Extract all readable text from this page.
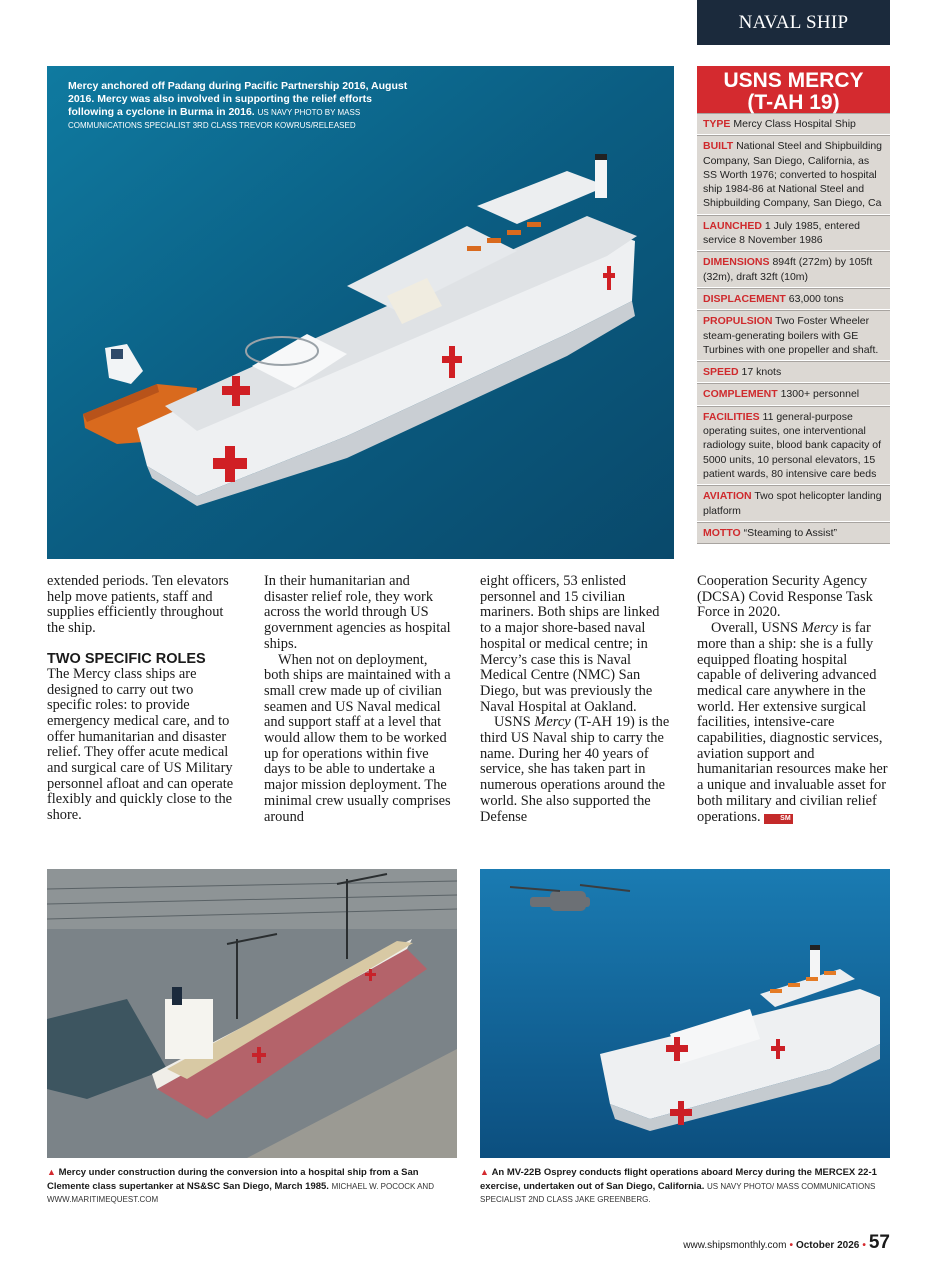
NAVAL SHIP
Mercy anchored off Padang during Pacific Partnership 2016, August 2016. Mercy was also involved in supporting the relief efforts following a cyclone in Burma in 2016. US NAVY PHOTO BY MASS COMMUNICATIONS SPECIALIST 3RD CLASS TREVOR KOWRUS/RELEASED
USNS MERCY
(T-AH 19)
TYPE Mercy Class Hospital Ship
BUILT National Steel and Shipbuilding Company, San Diego, California, as SS Worth 1976; converted to hospital ship 1984-86 at National Steel and Shipbuilding Company, San Diego, Ca
LAUNCHED 1 July 1985, entered service 8 November 1986
DIMENSIONS 894ft (272m) by 105ft (32m), draft 32ft (10m)
DISPLACEMENT 63,000 tons
PROPULSION Two Foster Wheeler steam-generating boilers with GE Turbines with one propeller and shaft.
SPEED 17 knots
COMPLEMENT 1300+ personnel
FACILITIES 11 general-purpose operating suites, one interventional radiology suite, blood bank capacity of 5000 units, 10 personal elevators, 15 patient wards, 80 intensive care beds
AVIATION Two spot helicopter landing platform
MOTTO “Steaming to Assist”

extended periods. Ten elevators help move patients, staff and supplies efficiently throughout the ship.

TWO SPECIFIC ROLES

The Mercy class ships are designed to carry out two specific roles: to provide emergency medical care, and to offer humanitarian and disaster relief. They offer acute medical and surgical care of US Military personnel afloat and can operate flexibly and quickly close to the shore.

In their humanitarian and disaster relief role, they work across the world through US government agencies as hospital ships.

When not on deployment, both ships are maintained with a small crew made up of civilian seamen and US Naval medical and support staff at a level that would allow them to be worked up for operations within five days to be able to undertake a major mission deployment. The minimal crew usually comprises around

eight officers, 53 enlisted personnel and 15 civilian mariners. Both ships are linked to a major shore-based naval hospital or medical centre; in Mercy’s case this is Naval Medical Centre (NMC) San Diego, but was previously the Naval Hospital at Oakland.

USNS Mercy (T-AH 19) is the third US Naval ship to carry the name. During her 40 years of service, she has taken part in numerous operations around the world. She also supported the Defense

Cooperation Security Agency (DCSA) Covid Response Task Force in 2020.

Overall, USNS Mercy is far more than a ship: she is a fully equipped floating hospital capable of delivering advanced medical care anywhere in the world. Her extensive surgical facilities, intensive-care capabilities, diagnostic services, aviation support and humanitarian resources make her a unique and invaluable asset for both military and civilian relief operations.	SM

▲ Mercy under construction during the conversion into a hospital ship from a San Clemente class supertanker at NS&SC San Diego, March 1985. MICHAEL W. POCOCK AND WWW.MARITIMEQUEST.COM
▲ An MV-22B Osprey conducts flight operations aboard Mercy during the MERCEX 22-1 exercise, undertaken out of San Diego, California. US NAVY PHOTO/ MASS COMMUNICATIONS SPECIALIST 2ND CLASS JAKE GREENBERG.
www.shipsmonthly.com • October 2026 • 57
